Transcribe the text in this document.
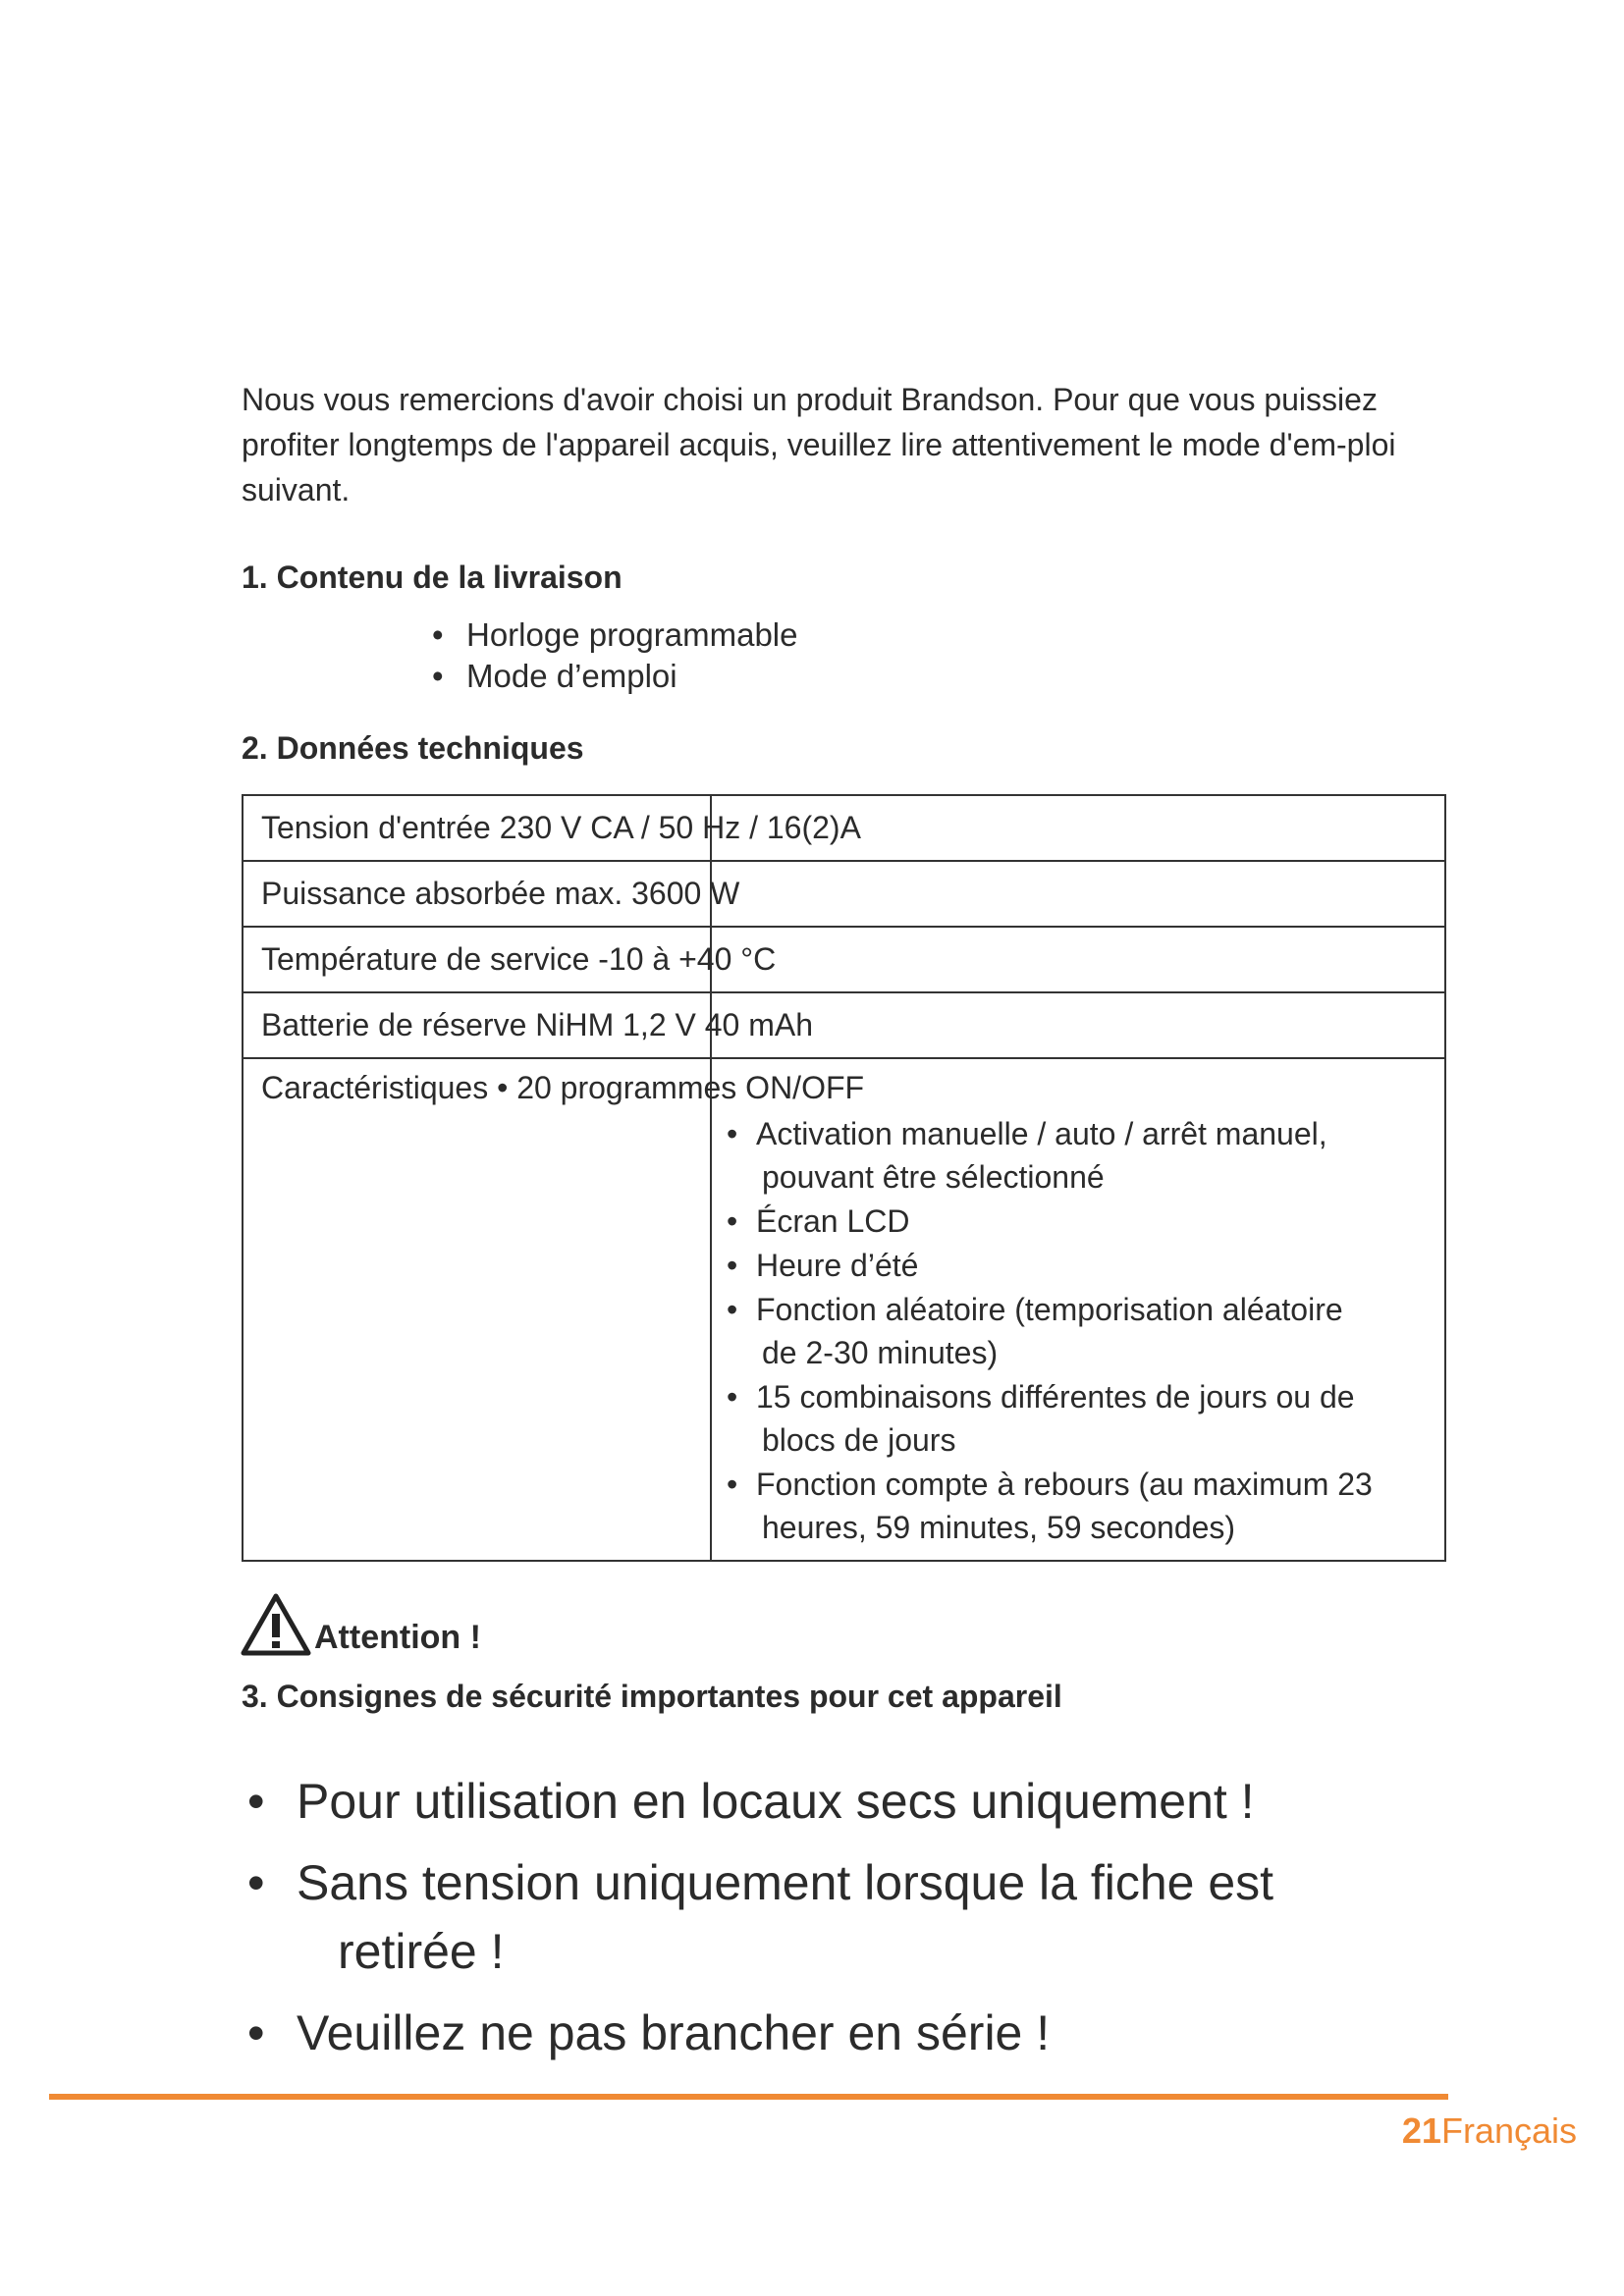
Nous vous remercions d'avoir choisi un produit Brandson. Pour que vous puissiez profiter longtemps de l'appareil acquis, veuillez lire attentivement le mode d'em-ploi suivant.

1. Contenu de la livraison
• Horloge programmable
• Mode d’emploi
2. Données techniques
Tension d'entrée 230 V CA / 50 Hz / 16(2)A
Puissance absorbée max. 3600 W
Température de service -10 à +40 °C
Batterie de réserve NiHM 1,2 V 40 mAh
Caractéristiques • 20 programmes ON/OFF
• Activation manuelle / auto / arrêt manuel,
pouvant être sélectionné
• Écran LCD
• Heure d’été
• Fonction aléatoire (temporisation aléatoire
de 2-30 minutes)
• 15 combinaisons différentes de jours ou de
blocs de jours
• Fonction compte à rebours (au maximum 23
heures, 59 minutes, 59 secondes)
Attention !
3. Consignes de sécurité importantes pour cet appareil
• Pour utilisation en locaux secs uniquement !
• Sans tension uniquement lorsque la fiche est
retirée !
• Veuillez ne pas brancher en série !
21Français
